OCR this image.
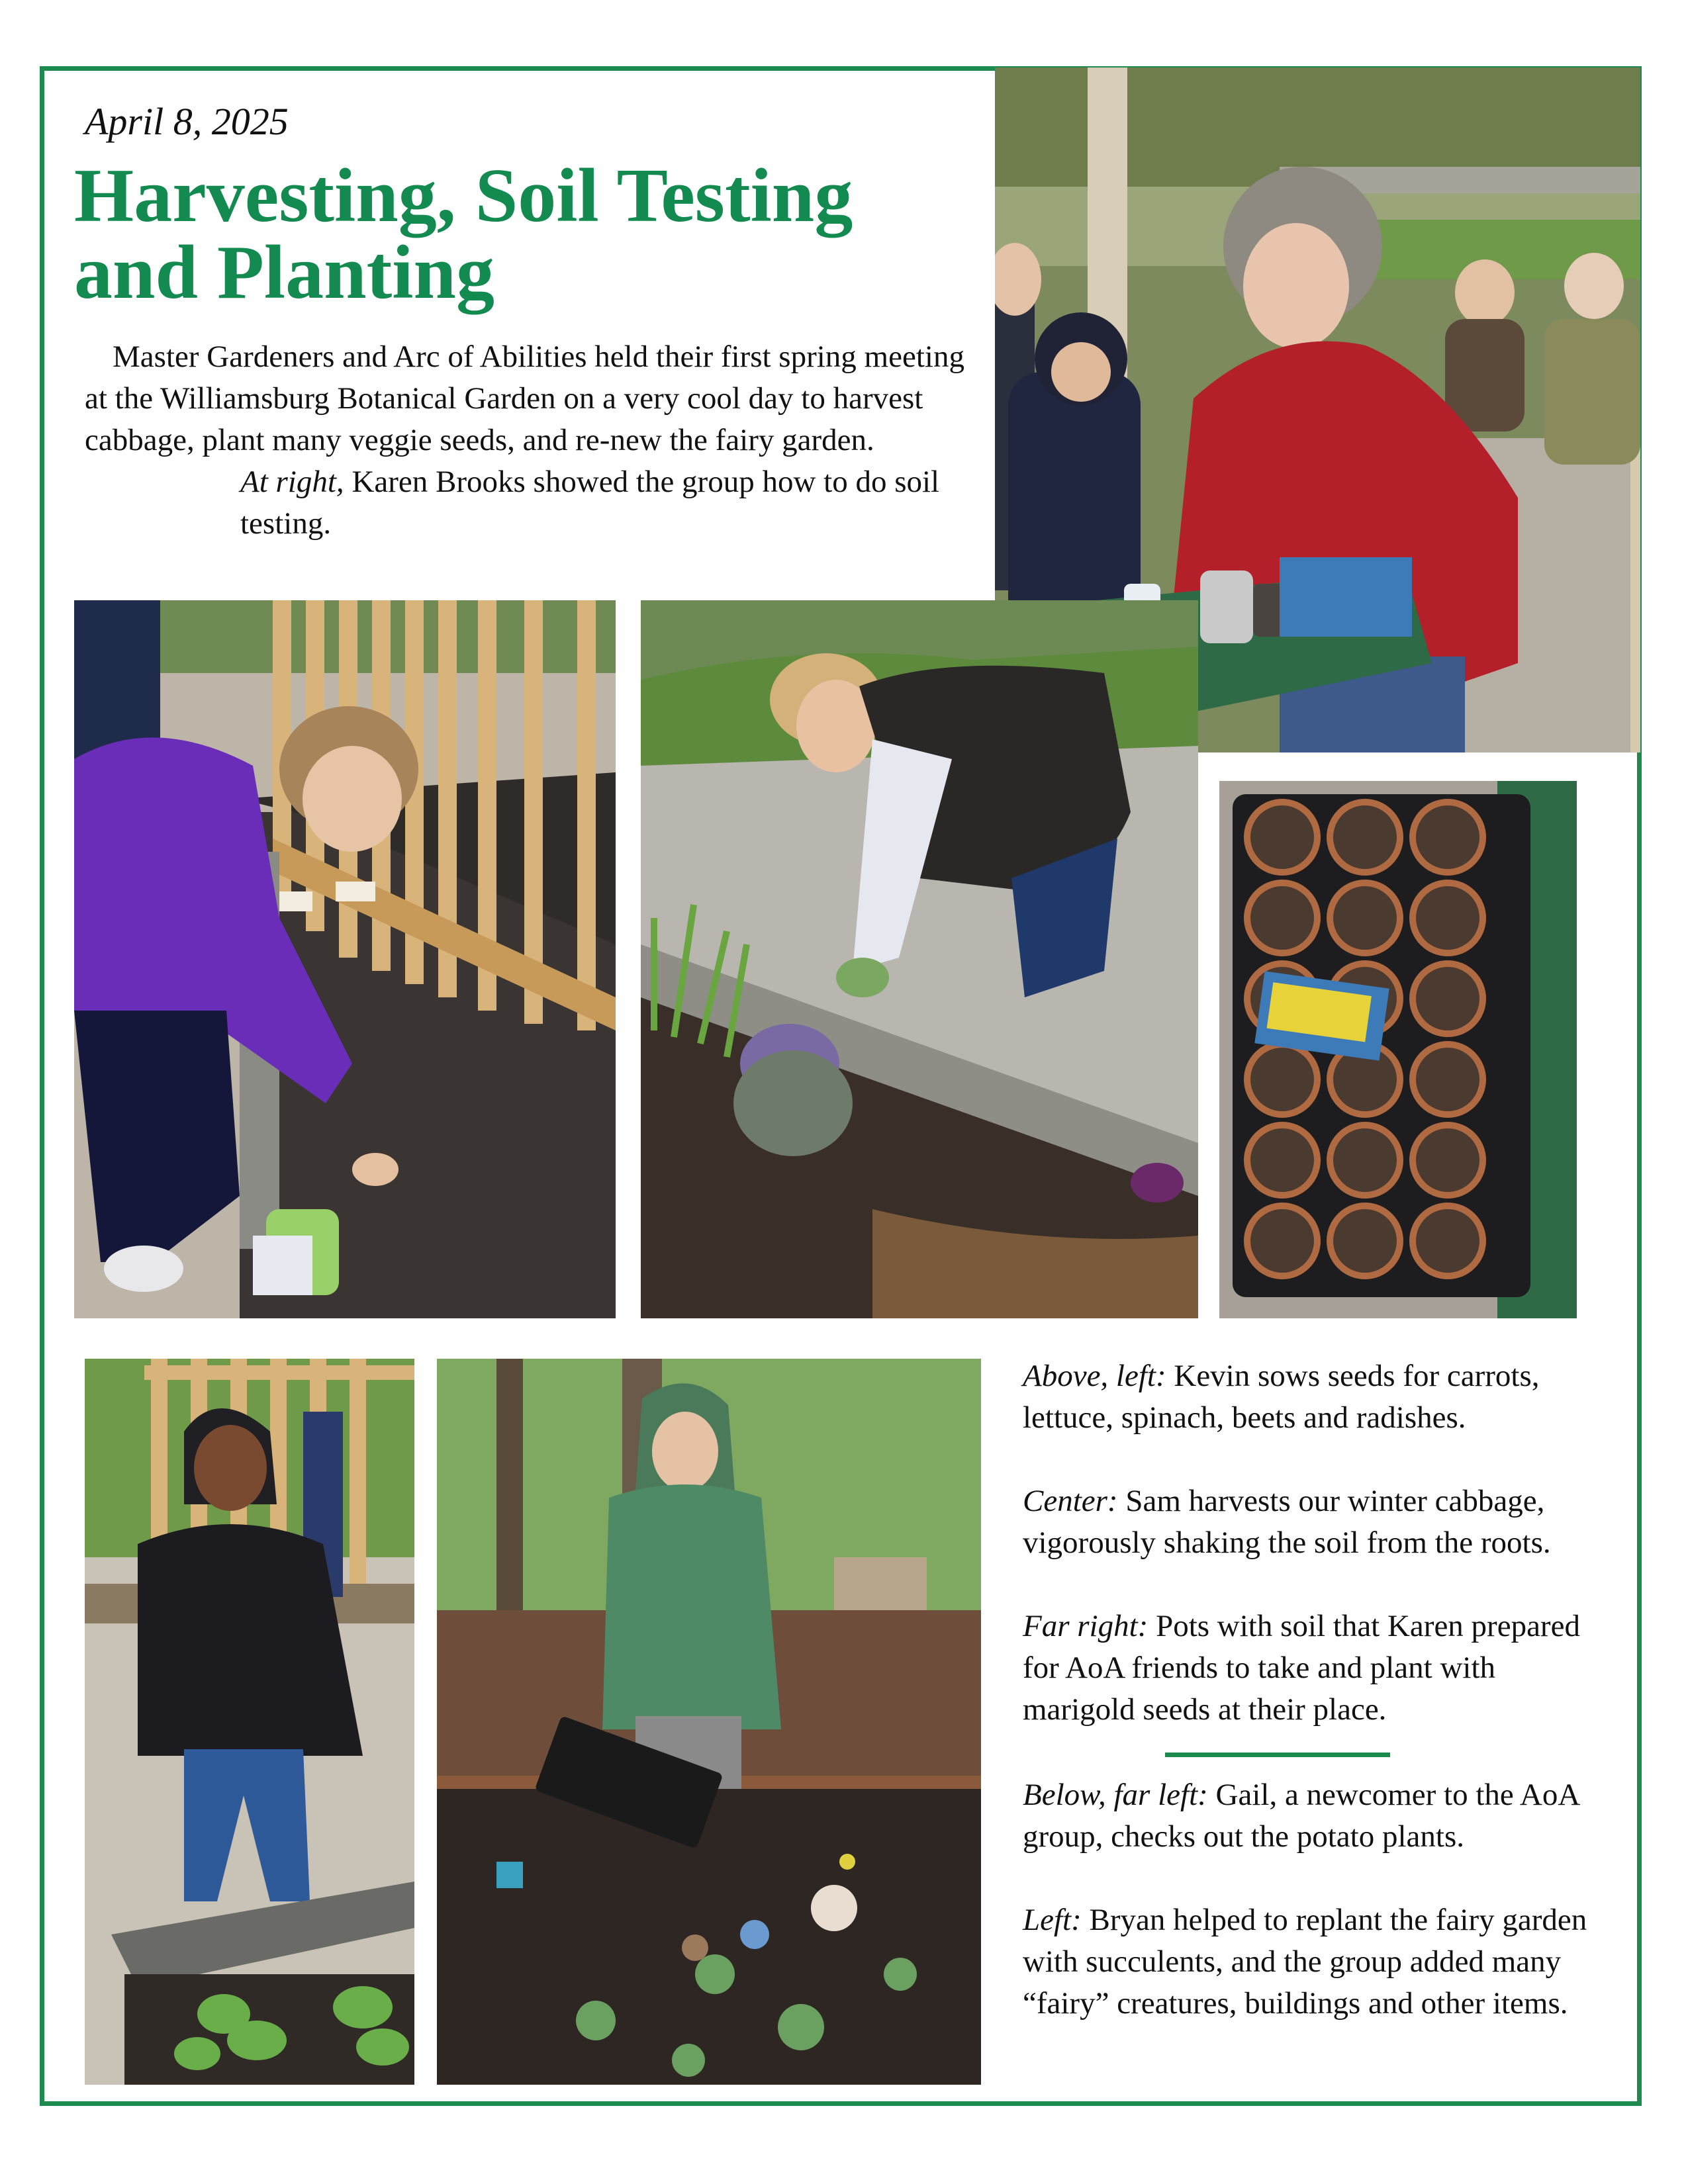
April 8, 2025
Harvesting, Soil Testing and Planting

Master Gardeners and Arc of Abilities held their first spring meeting at the Williamsburg Botanical Garden on a very cool day to harvest cabbage, plant many veggie seeds, and re-new the fairy garden.

At right, Karen Brooks showed the group how to do soil testing.

Above, left: Kevin sows seeds for carrots, lettuce, spinach, beets and radishes.

Center: Sam harvests our winter cabbage, vigorously shaking the soil from the roots.

Far right: Pots with soil that Karen prepared for AoA friends to take and plant with marigold seeds at their place.

Below, far left: Gail, a newcomer to the AoA group, checks out the potato plants.

Left: Bryan helped to replant the fairy garden with succulents, and the group added many “fairy” creatures, buildings and other items.
